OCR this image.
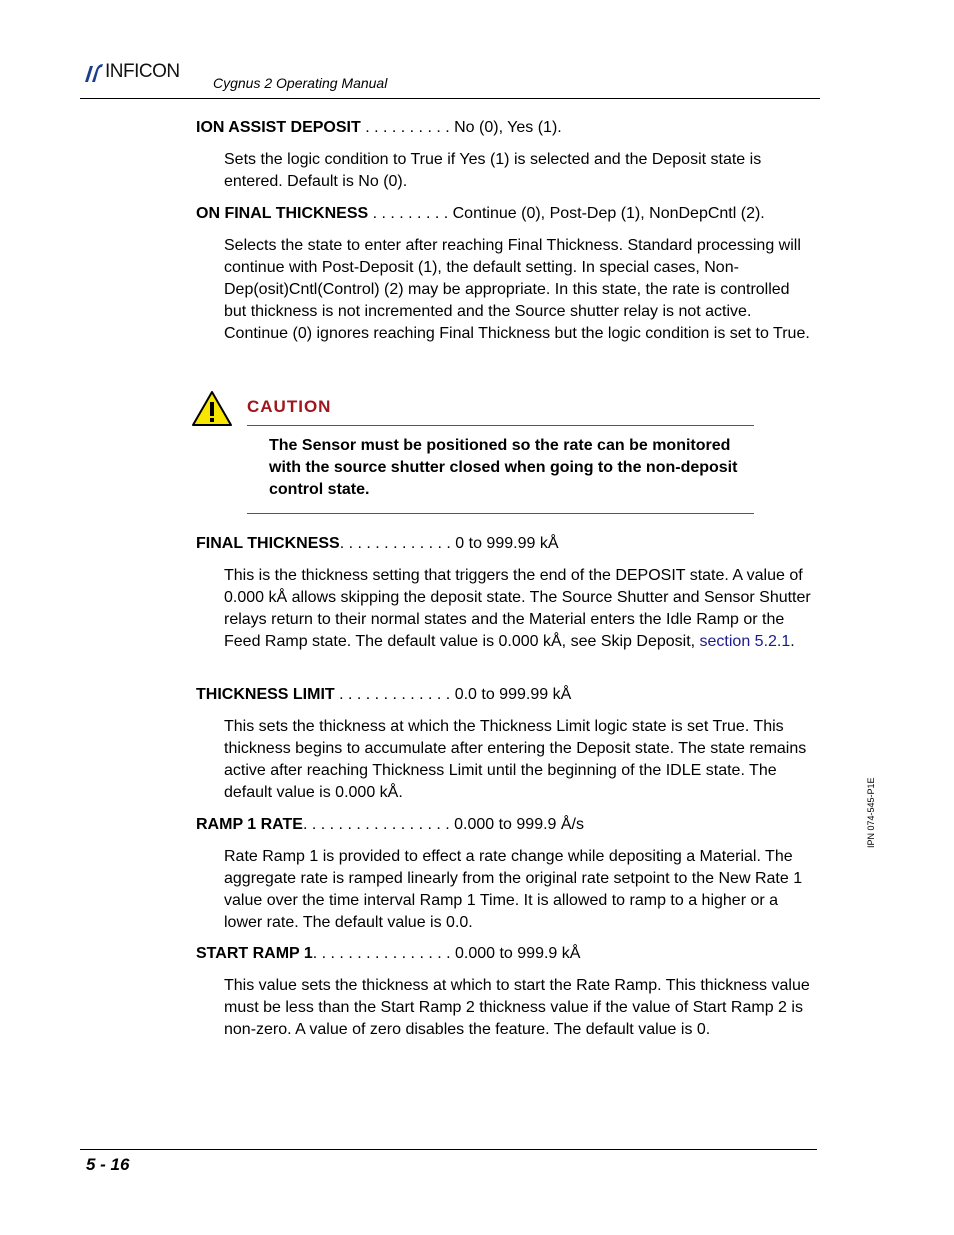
INFICON
Cygnus 2 Operating Manual
ION ASSIST DEPOSIT . . . . . . . . . . No (0), Yes (1).
Sets the logic condition to True if Yes (1) is selected and the Deposit state is entered. Default is No (0).
ON FINAL THICKNESS . . . . . . . . . Continue (0), Post-Dep (1), NonDepCntl (2).
Selects the state to enter after reaching Final Thickness. Standard processing will continue with Post-Deposit (1), the default setting. In special cases, Non-Dep(osit)Cntl(Control) (2) may be appropriate. In this state, the rate is controlled but thickness is not incremented and the Source shutter relay is not active. Continue (0) ignores reaching Final Thickness but the logic condition is set to True.
CAUTION
The Sensor must be positioned so the rate can be monitored with the source shutter closed when going to the non-deposit control state.
FINAL THICKNESS. . . . . . . . . . . . . 0 to 999.99 kÅ
This is the thickness setting that triggers the end of the DEPOSIT state. A value of 0.000 kÅ allows skipping the deposit state. The Source Shutter and Sensor Shutter relays return to their normal states and the Material enters the Idle Ramp or the Feed Ramp state. The default value is 0.000 kÅ, see Skip Deposit, section 5.2.1.
THICKNESS LIMIT . . . . . . . . . . . . . 0.0 to 999.99 kÅ
This sets the thickness at which the Thickness Limit logic state is set True. This thickness begins to accumulate after entering the Deposit state. The state remains active after reaching Thickness Limit until the beginning of the IDLE state. The default value is 0.000 kÅ.
RAMP 1 RATE. . . . . . . . . . . . . . . . . 0.000 to 999.9 Å/s
Rate Ramp 1 is provided to effect a rate change while depositing a Material. The aggregate rate is ramped linearly from the original rate setpoint to the New Rate 1 value over the time interval Ramp 1 Time. It is allowed to ramp to a higher or a lower rate. The default value is 0.0.
START RAMP 1. . . . . . . . . . . . . . . . 0.000 to 999.9 kÅ
This value sets the thickness at which to start the Rate Ramp. This thickness value must be less than the Start Ramp 2 thickness value if the value of Start Ramp 2 is non-zero. A value of zero disables the feature. The default value is 0.
IPN 074-545-P1E
5 - 16
